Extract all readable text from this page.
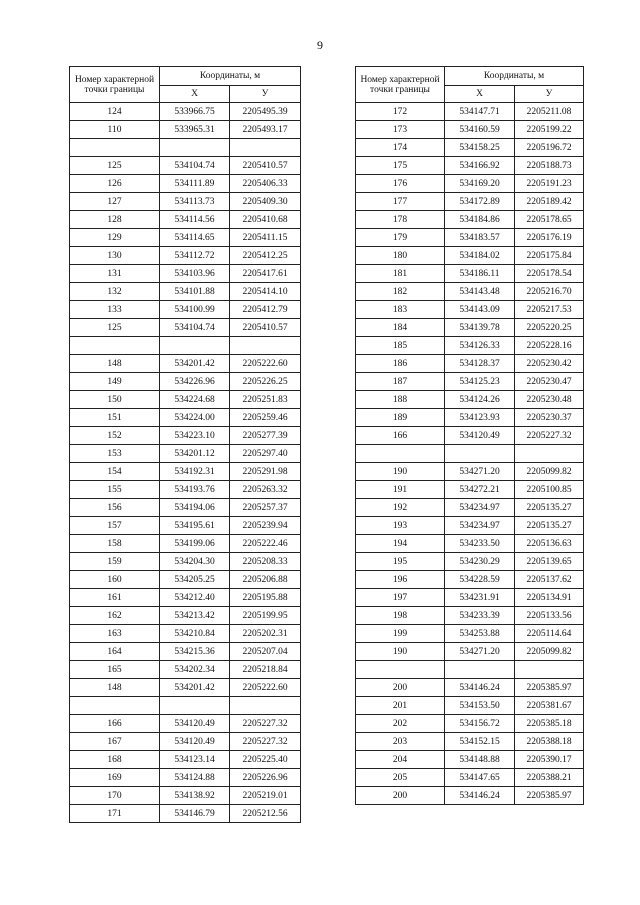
9
Номер характерной точки границы	Координаты, м	
	X	У
124	533966.75	2205495.39
110	533965.31	2205493.17

125	534104.74	2205410.57
126	534111.89	2205406.33
127	534113.73	2205409.30
128	534114.56	2205410.68
129	534114.65	2205411.15
130	534112.72	2205412.25
131	534103.96	2205417.61
132	534101.88	2205414.10
133	534100.99	2205412.79
125	534104.74	2205410.57

148	534201.42	2205222.60
149	534226.96	2205226.25
150	534224.68	2205251.83
151	534224.00	2205259.46
152	534223.10	2205277.39
153	534201.12	2205297.40
154	534192.31	2205291.98
155	534193.76	2205263.32
156	534194.06	2205257.37
157	534195.61	2205239.94
158	534199.06	2205222.46
159	534204.30	2205208.33
160	534205.25	2205206.88
161	534212.40	2205195.88
162	534213.42	2205199.95
163	534210.84	2205202.31
164	534215.36	2205207.04
165	534202.34	2205218.84
148	534201.42	2205222.60

166	534120.49	2205227.32
167	534120.49	2205227.32
168	534123.14	2205225.40
169	534124.88	2205226.96
170	534138.92	2205219.01
171	534146.79	2205212.56
Номер характерной точки границы	Координаты, м	
	X	У
172	534147.71	2205211.08
173	534160.59	2205199.22
174	534158.25	2205196.72
175	534166.92	2205188.73
176	534169.20	2205191.23
177	534172.89	2205189.42
178	534184.86	2205178.65
179	534183.57	2205176.19
180	534184.02	2205175.84
181	534186.11	2205178.54
182	534143.48	2205216.70
183	534143.09	2205217.53
184	534139.78	2205220.25
185	534126.33	2205228.16
186	534128.37	2205230.42
187	534125.23	2205230.47
188	534124.26	2205230.48
189	534123.93	2205230.37
166	534120.49	2205227.32

190	534271.20	2205099.82
191	534272.21	2205100.85
192	534234.97	2205135.27
193	534234.97	2205135.27
194	534233.50	2205136.63
195	534230.29	2205139.65
196	534228.59	2205137.62
197	534231.91	2205134.91
198	534233.39	2205133.56
199	534253.88	2205114.64
190	534271.20	2205099.82

200	534146.24	2205385.97
201	534153.50	2205381.67
202	534156.72	2205385.18
203	534152.15	2205388.18
204	534148.88	2205390.17
205	534147.65	2205388.21
200	534146.24	2205385.97
